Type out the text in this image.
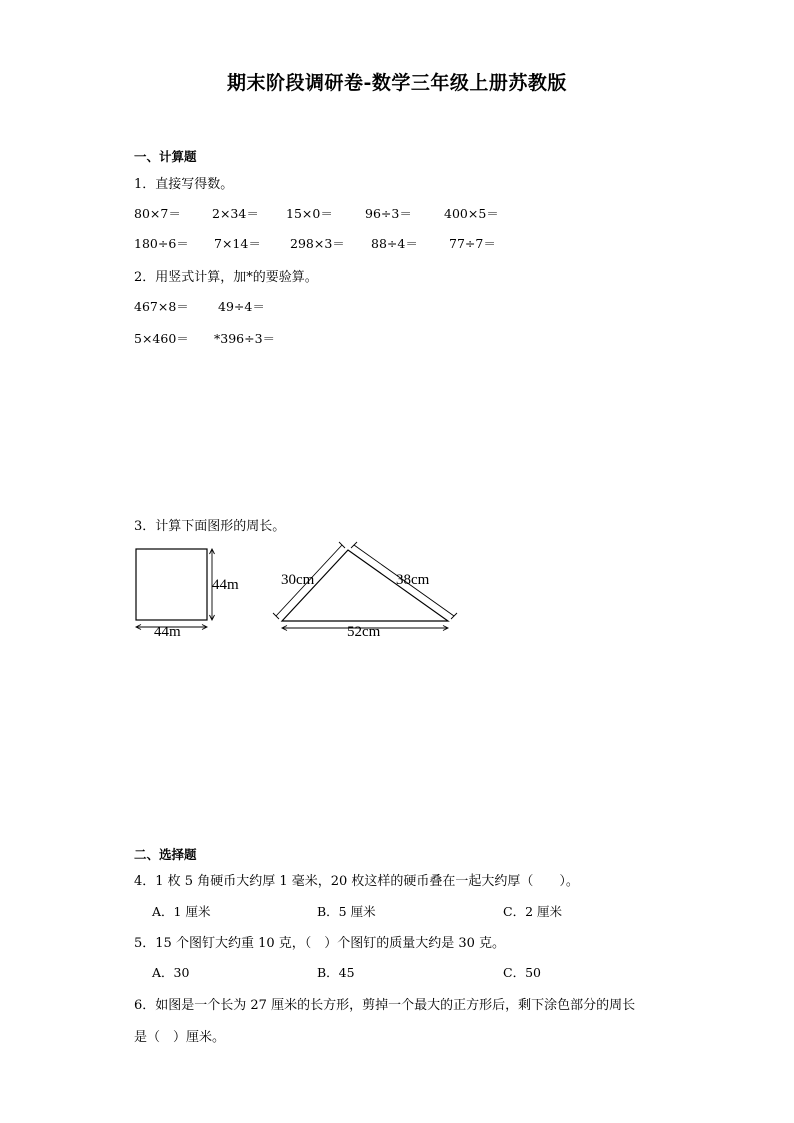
期末阶段调研卷-数学三年级上册苏教版
一、计算题
1．直接写得数。
80×7＝ 2×34＝ 15×0＝	96÷3＝	400×5＝
180÷6＝ 7×14＝ 298×3＝ 88÷4＝ 77÷7＝
2．用竖式计算，加*的要验算。
467×8＝ 49÷4＝
5×460＝ *396÷3＝
3．计算下面图形的周长。
44m
44m
30cm	38cm
52cm
二、选择题
4．1 枚 5 角硬币大约厚 1 毫米，20 枚这样的硬币叠在一起大约厚（　　）。
A．1 厘米	B．5 厘米	C．2 厘米
5．15 个图钉大约重 10 克，（　）个图钉的质量大约是 30 克。
A．30	B．45	C．50
6．如图是一个长为 27 厘米的长方形，剪掉一个最大的正方形后，剩下涂色部分的周长
是（　）厘米。
